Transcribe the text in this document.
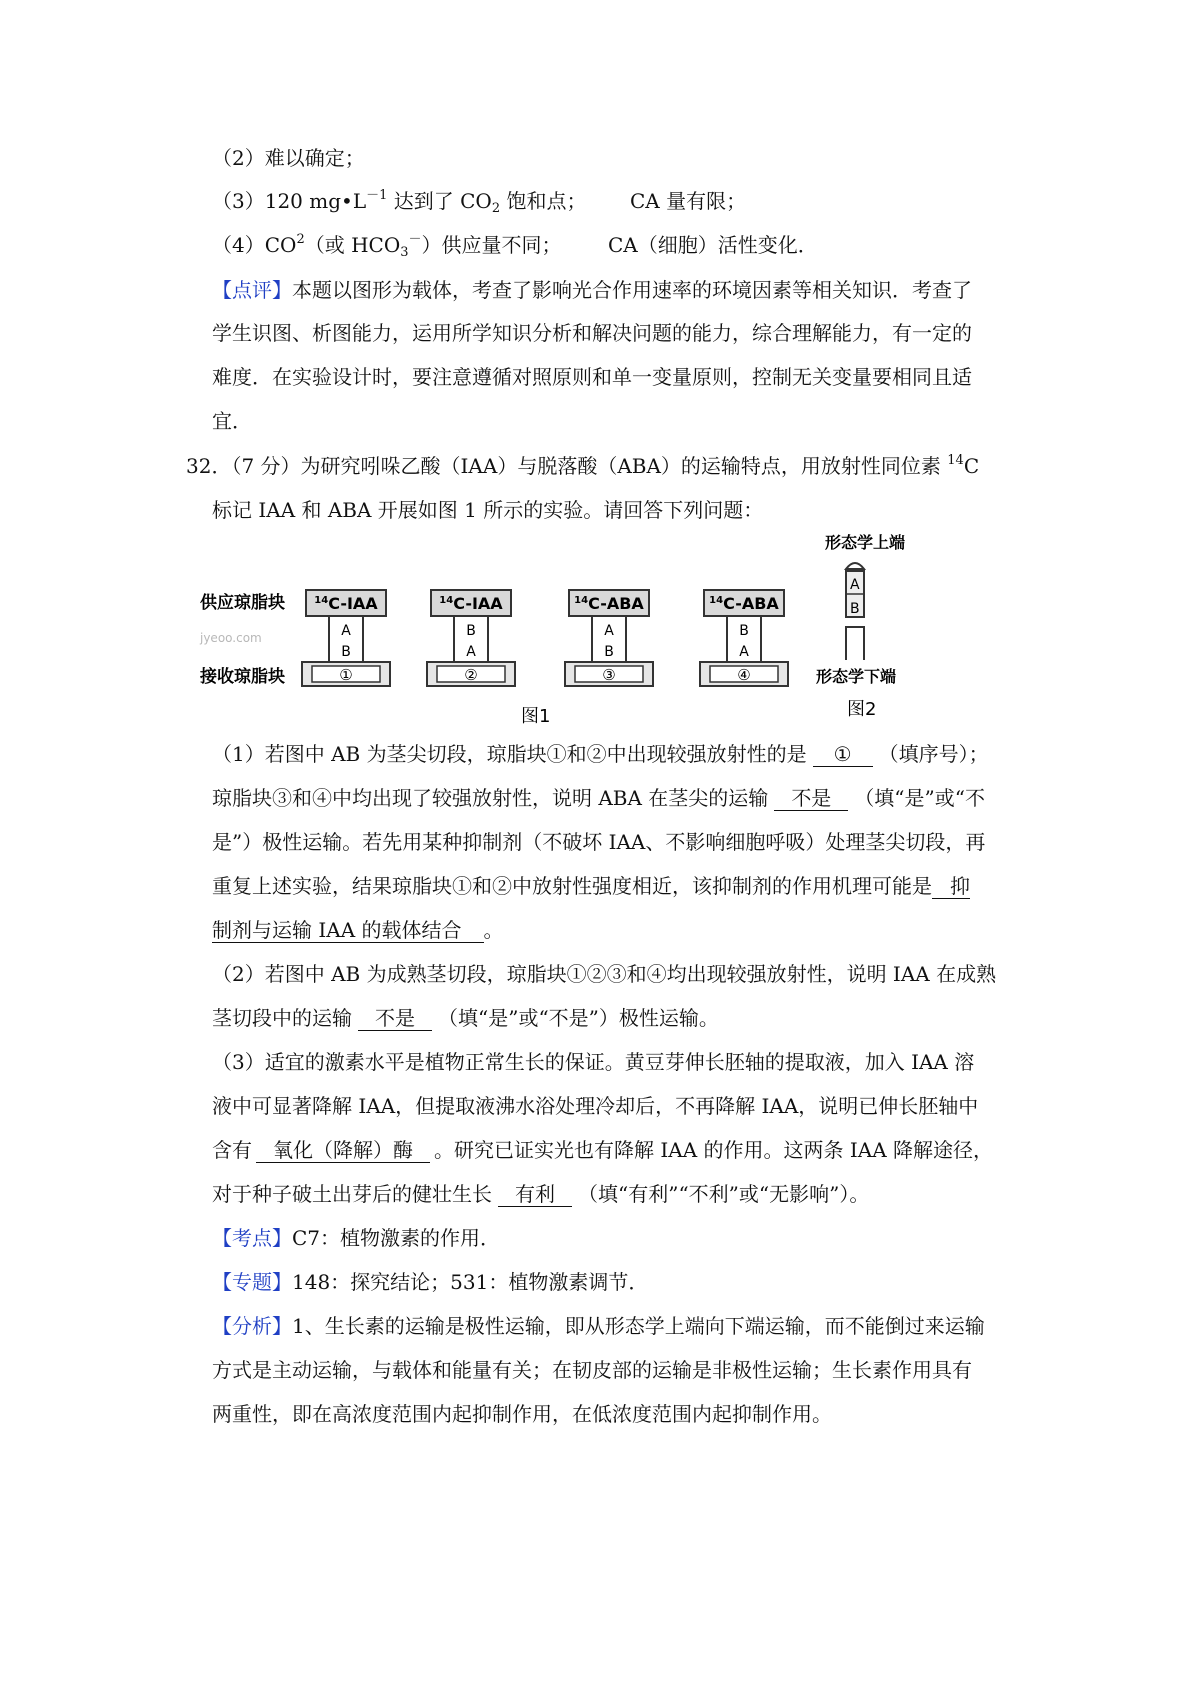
（2）难以确定；
（3）120 $mg•L^{-1}$ 达到了 $CO_2$ 饱和点； CA 量有限；
$(4)CO^2$（或 $HCO_3^-$）供应量不同； CA（细胞）活性变化．
【点评】本题以图形为载体，考查了影响光合作用速率的环境因素等相关知识．考查了
学生识图、析图能力，运用所学知识分析和解决问题的能力，综合理解能力，有一定的
难度．在实验设计时，要注意遵循对照原则和单一变量原则，控制无关变量要相同且适
宜．
32．（7 分）为研究吲哚乙酸（IAA）与脱落酸（ABA）的运输特点，用放射性同位素 $^{14}$C
标记 IAA 和 ABA 开展如图 1 所示的实验。请回答下列问题：
供应琼脂块
接收琼脂块
jyeoo.com
$^{14}$C-IAA
A
B
①
$^{14}$C-IAA
B
A
②
$^{14}$C-ABA
A
B
③
$^{14}$C-ABA
B
A
④
图1
形态学上端
A
B
形态学下端
图2
（1）若图中 AB 为茎尖切段，琼脂块①和②中出现较强放射性的是 ① （填序号）；
琼脂块③和④中均出现了较强放射性，说明 ABA 在茎尖的运输 不是 （填“是”或“不
是”）极性运输。若先用某种抑制剂（不破坏 IAA、不影响细胞呼吸）处理茎尖切段，再
重复上述实验，结果琼脂块①和②中放射性强度相近，该抑制剂的作用机理可能是 抑
制剂与运输 IAA 的载体结合 。
（2）若图中 AB 为成熟茎切段，琼脂块①②③和④均出现较强放射性，说明 IAA 在成熟
茎切段中的运输 不是 （填“是”或“不是”）极性运输。
（3）适宜的激素水平是植物正常生长的保证。黄豆芽伸长胚轴的提取液，加入 IAA 溶
液中可显著降解 IAA，但提取液沸水浴处理冷却后，不再降解 IAA，说明已伸长胚轴中
含有 氧化（降解）酶 。研究已证实光也有降解 IAA 的作用。这两条 IAA 降解途径，
对于种子破土出芽后的健壮生长 有利 （填“有利”“不利”或“无影响”）。
【考点】C7：植物激素的作用．
【专题】148：探究结论；531：植物激素调节．
【分析】1、生长素的运输是极性运输，即从形态学上端向下端运输，而不能倒过来运输
方式是主动运输，与载体和能量有关；在韧皮部的运输是非极性运输；生长素作用具有
两重性，即在高浓度范围内起抑制作用，在低浓度范围内起抑制作用。
